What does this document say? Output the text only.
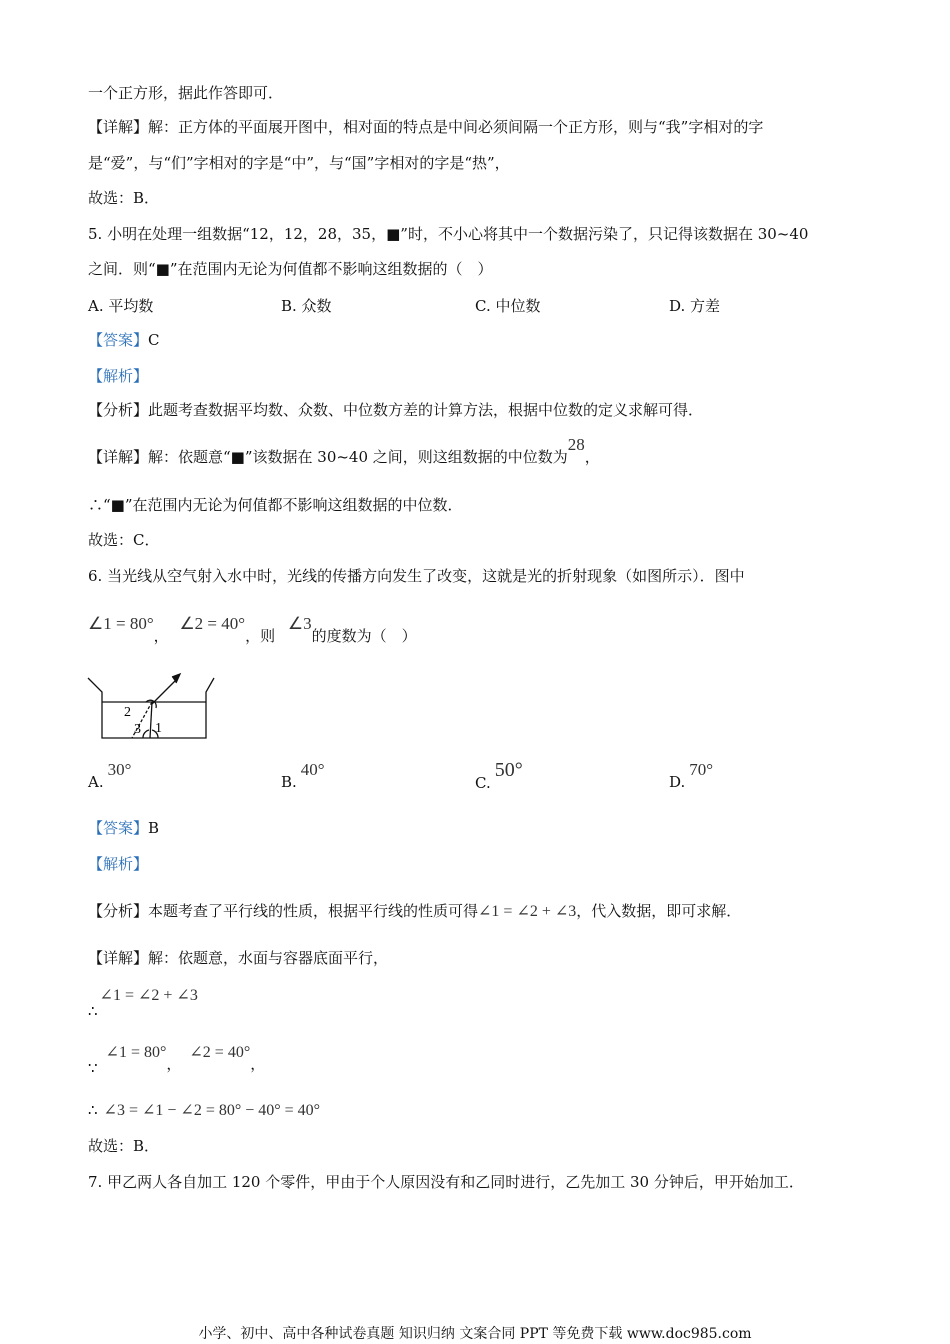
一个正方形，据此作答即可．
【详解】解：正方体的平面展开图中，相对面的特点是中间必须间隔一个正方形，则与“我”字相对的字
是“爱”，与“们”字相对的字是“中”，与“国”字相对的字是“热”，
故选：B．
5. 小明在处理一组数据“12，12，28，35，■”时，不小心将其中一个数据污染了，只记得该数据在 30~40
之间．则“■”在范围内无论为何值都不影响这组数据的（　）
A. 平均数	B. 众数	C. 中位数	D. 方差
【答案】C
【解析】
【分析】此题考查数据平均数、众数、中位数方差的计算方法，根据中位数的定义求解可得．
【详解】解：依题意“■”该数据在 30~40 之间，则这组数据的中位数为28，
∴“■”在范围内无论为何值都不影响这组数据的中位数．
故选：C．
6. 当光线从空气射入水中时，光线的传播方向发生了改变，这就是光的折射现象（如图所示）．图中
∠1 = 80°， ∠2 = 40°，则 ∠3的度数为（　）
2
3 1
A.30°
B.40°
C.50°
D.70°
【答案】B
【解析】
【分析】本题考查了平行线的性质，根据平行线的性质可得∠1 = ∠2 + ∠3，代入数据，即可求解．
【详解】解：依题意，水面与容器底面平行，
∴∠1 = ∠2 + ∠3
∵∠1 = 80°，∠2 = 40°，
∴ ∠3 = ∠1 − ∠2 = 80° − 40° = 40°
故选：B．
7. 甲乙两人各自加工 120 个零件，甲由于个人原因没有和乙同时进行，乙先加工 30 分钟后，甲开始加工．
小学、初中、高中各种试卷真题 知识归纳 文案合同 PPT 等免费下载 www.doc985.com
